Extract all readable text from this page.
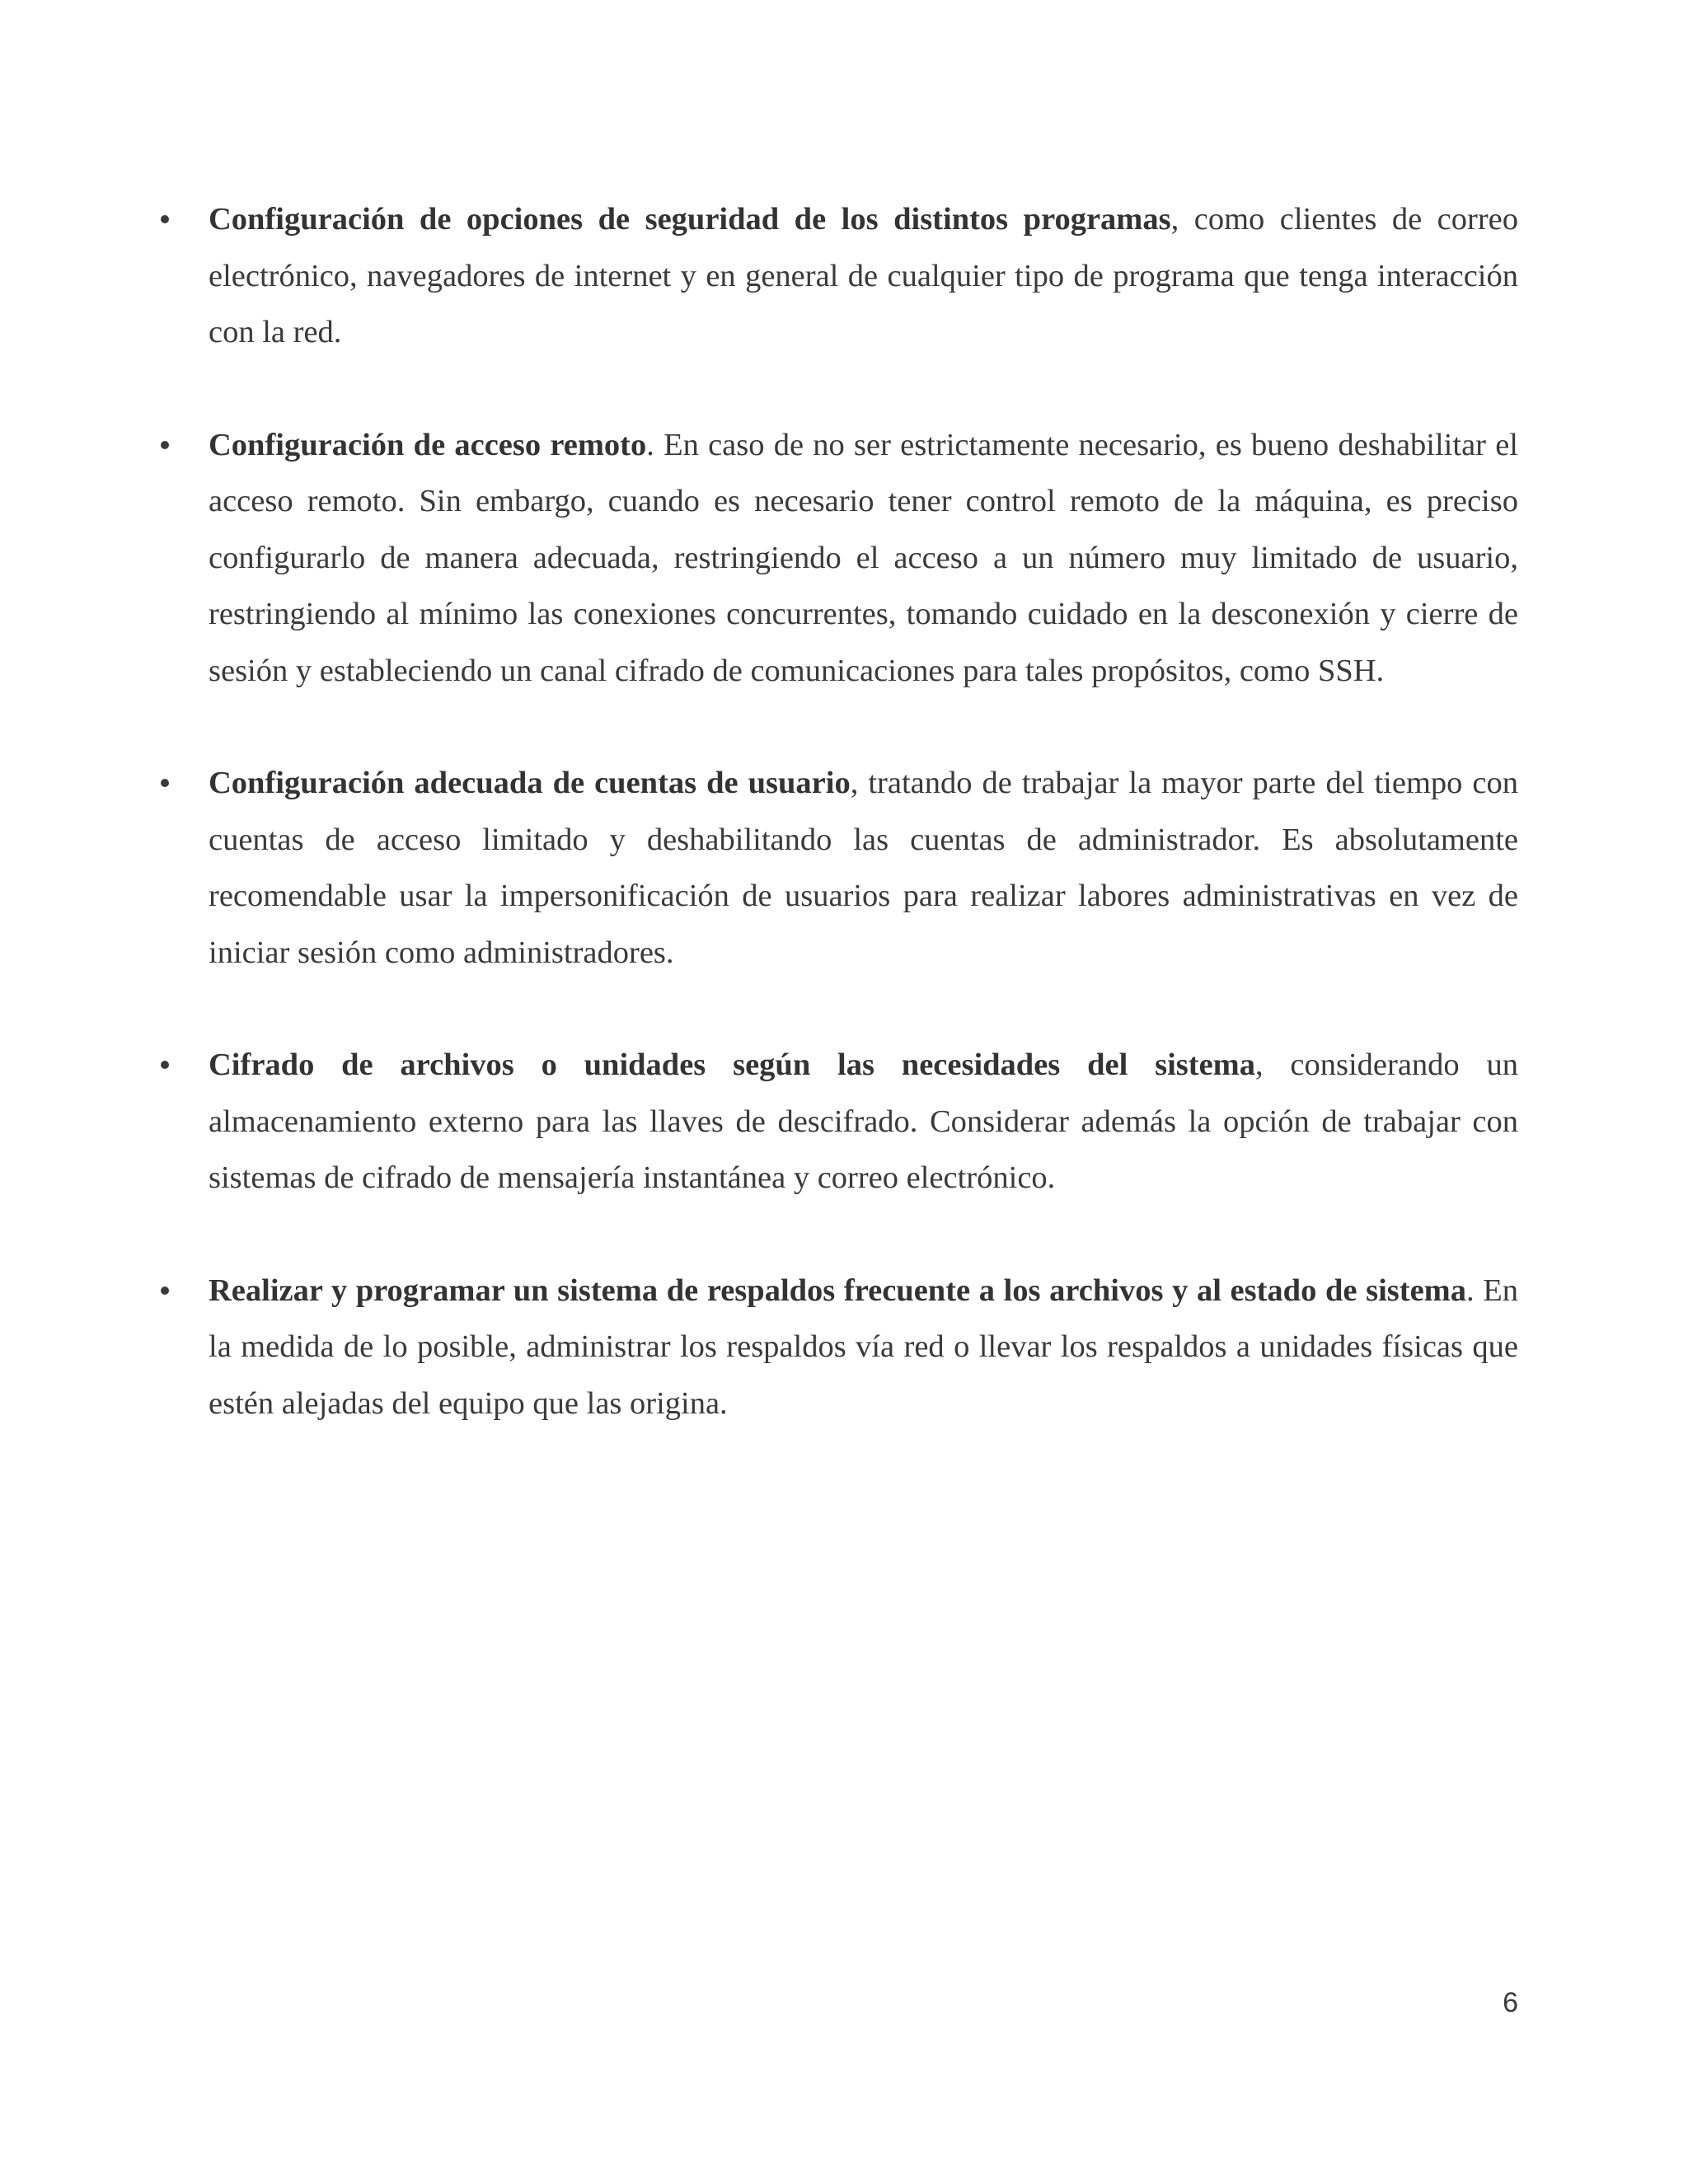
Configuración de opciones de seguridad de los distintos programas, como clientes de correo electrónico, navegadores de internet y en general de cualquier tipo de programa que tenga interacción con la red.
Configuración de acceso remoto. En caso de no ser estrictamente necesario, es bueno deshabilitar el acceso remoto. Sin embargo, cuando es necesario tener control remoto de la máquina, es preciso configurarlo de manera adecuada, restringiendo el acceso a un número muy limitado de usuario, restringiendo al mínimo las conexiones concurrentes, tomando cuidado en la desconexión y cierre de sesión y estableciendo un canal cifrado de comunicaciones para tales propósitos, como SSH.
Configuración adecuada de cuentas de usuario, tratando de trabajar la mayor parte del tiempo con cuentas de acceso limitado y deshabilitando las cuentas de administrador. Es absolutamente recomendable usar la impersonificación de usuarios para realizar labores administrativas en vez de iniciar sesión como administradores.
Cifrado de archivos o unidades según las necesidades del sistema, considerando un almacenamiento externo para las llaves de descifrado. Considerar además la opción de trabajar con sistemas de cifrado de mensajería instantánea y correo electrónico.
Realizar y programar un sistema de respaldos frecuente a los archivos y al estado de sistema. En la medida de lo posible, administrar los respaldos vía red o llevar los respaldos a unidades físicas que estén alejadas del equipo que las origina.
6
